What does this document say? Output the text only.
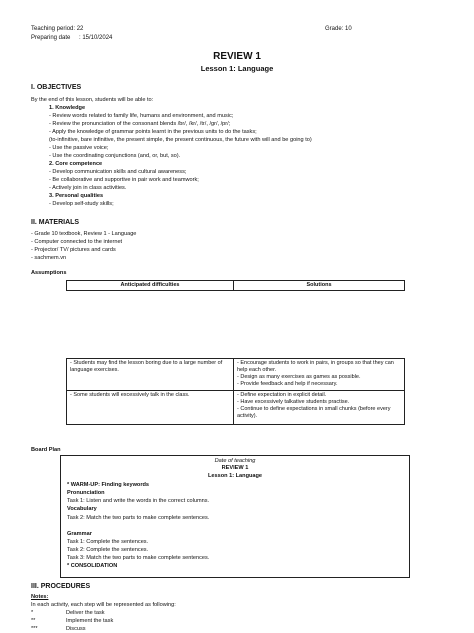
Teaching period: 22	Grade: 10
Preparing date : 15/10/2024
REVIEW 1
Lesson 1: Language
I. OBJECTIVES
By the end of this lesson, students will be able to:
1. Knowledge
- Review words related to family life, humans and environment, and music;
- Review the pronunciation of the consonant blends /br/, /kr/, /tr/, /gr/, /pr/;
- Apply the knowledge of grammar points learnt in the previous units to do the tasks;
(to-infinitive, bare infinitive, the present simple, the present continuous, the future with will and be going to)
- Use the passive voice;
- Use the coordinating conjunctions (and, or, but, so).
2. Core competence
- Develop communication skills and cultural awareness;
- Be collaborative and supportive in pair work and teamwork;
- Actively join in class activities.
3. Personal qualities
- Develop self-study skills;
II. MATERIALS
- Grade 10 textbook, Review 1 - Language
- Computer connected to the internet
- Projector/ TV/ pictures and cards
- sachmem.vn
Assumptions
Anticipated difficulties	Solutions
- Students may find the lesson boring due to a large number of language exercises.	- Encourage students to work in pairs, in groups so that they can help each other.
- Design as many exercises as games as possible.
- Provide feedback and help if necessary.

- Some students will excessively talk in the class.	- Define expectation in explicit detail.
- Have excessively talkative students practise.
- Continue to define expectations in small chunks (before every activity).
Board Plan
Date of teaching
REVIEW 1
Lesson 1: Language
* WARM-UP: Finding keywords
Pronunciation
Task 1: Listen and write the words in the correct columns.
Vocabulary
Task 2: Match the two parts to make complete sentences.
Grammar
Task 1: Complete the sentences.
Task 2: Complete the sentences.
Task 3: Match the two parts to make complete sentences.
* CONSOLIDATION
III. PROCEDURES
Notes:
In each activity, each step will be represented as following:
*	Deliver the task
**	Implement the task
***	Discuss
